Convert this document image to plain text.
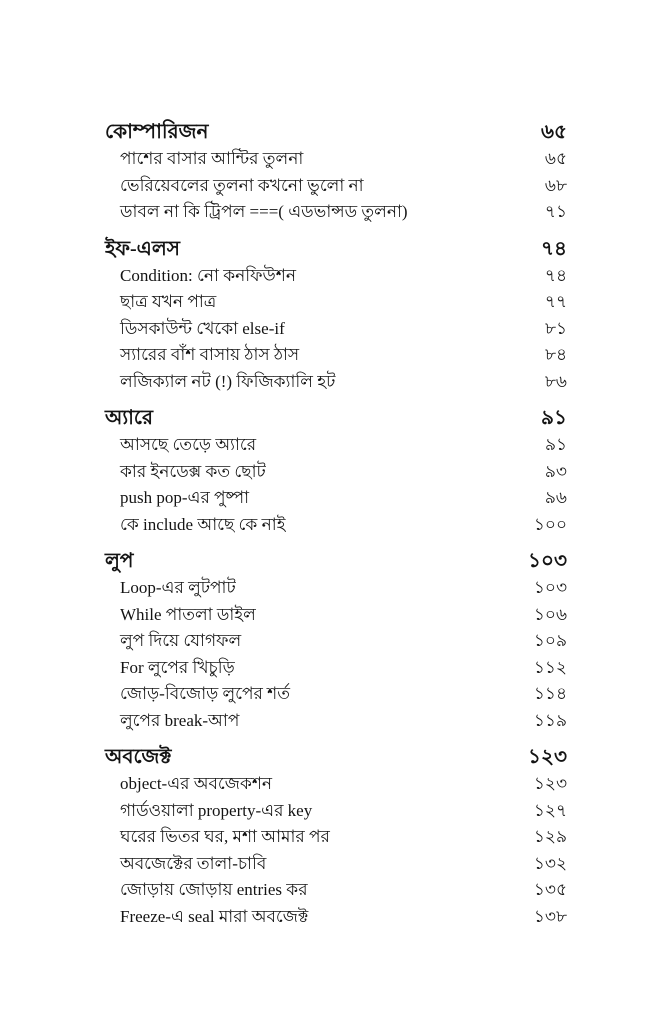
কোম্পারিজন	৬৫
পাশের বাসার আন্টির তুলনা	৬৫
ভেরিয়েবলের তুলনা কখনো ভুলো না	৬৮
ডাবল না কি ট্রিপল ===( এডভান্সড তুলনা)	৭১
ইফ-এলস	৭৪
Condition: নো কনফিউশন	৭৪
ছাত্র যখন পাত্র	৭৭
ডিসকাউন্ট খেকো else-if	৮১
স্যারের বাঁশ বাসায় ঠাস ঠাস	৮৪
লজিক্যাল নট (!) ফিজিক্যালি হট	৮৬
অ্যারে	৯১
আসছে তেড়ে অ্যারে	৯১
কার ইনডেক্স কত ছোট	৯৩
push pop-এর পুষ্পা	৯৬
কে include আছে কে নাই	১০০
লুপ	১০৩
Loop-এর লুটপাট	১০৩
While পাতলা ডাইল	১০৬
লুপ দিয়ে যোগফল	১০৯
For লুপের খিচুড়ি	১১২
জোড়-বিজোড় লুপের শর্ত	১১৪
লুপের break-আপ	১১৯
অবজেক্ট	১২৩
object-এর অবজেকশন	১২৩
গার্ডওয়ালা property-এর key	১২৭
ঘরের ভিতর ঘর, মশা আমার পর	১২৯
অবজেক্টের তালা-চাবি	১৩২
জোড়ায় জোড়ায় entries কর	১৩৫
Freeze-এ seal মারা অবজেক্ট	১৩৮
